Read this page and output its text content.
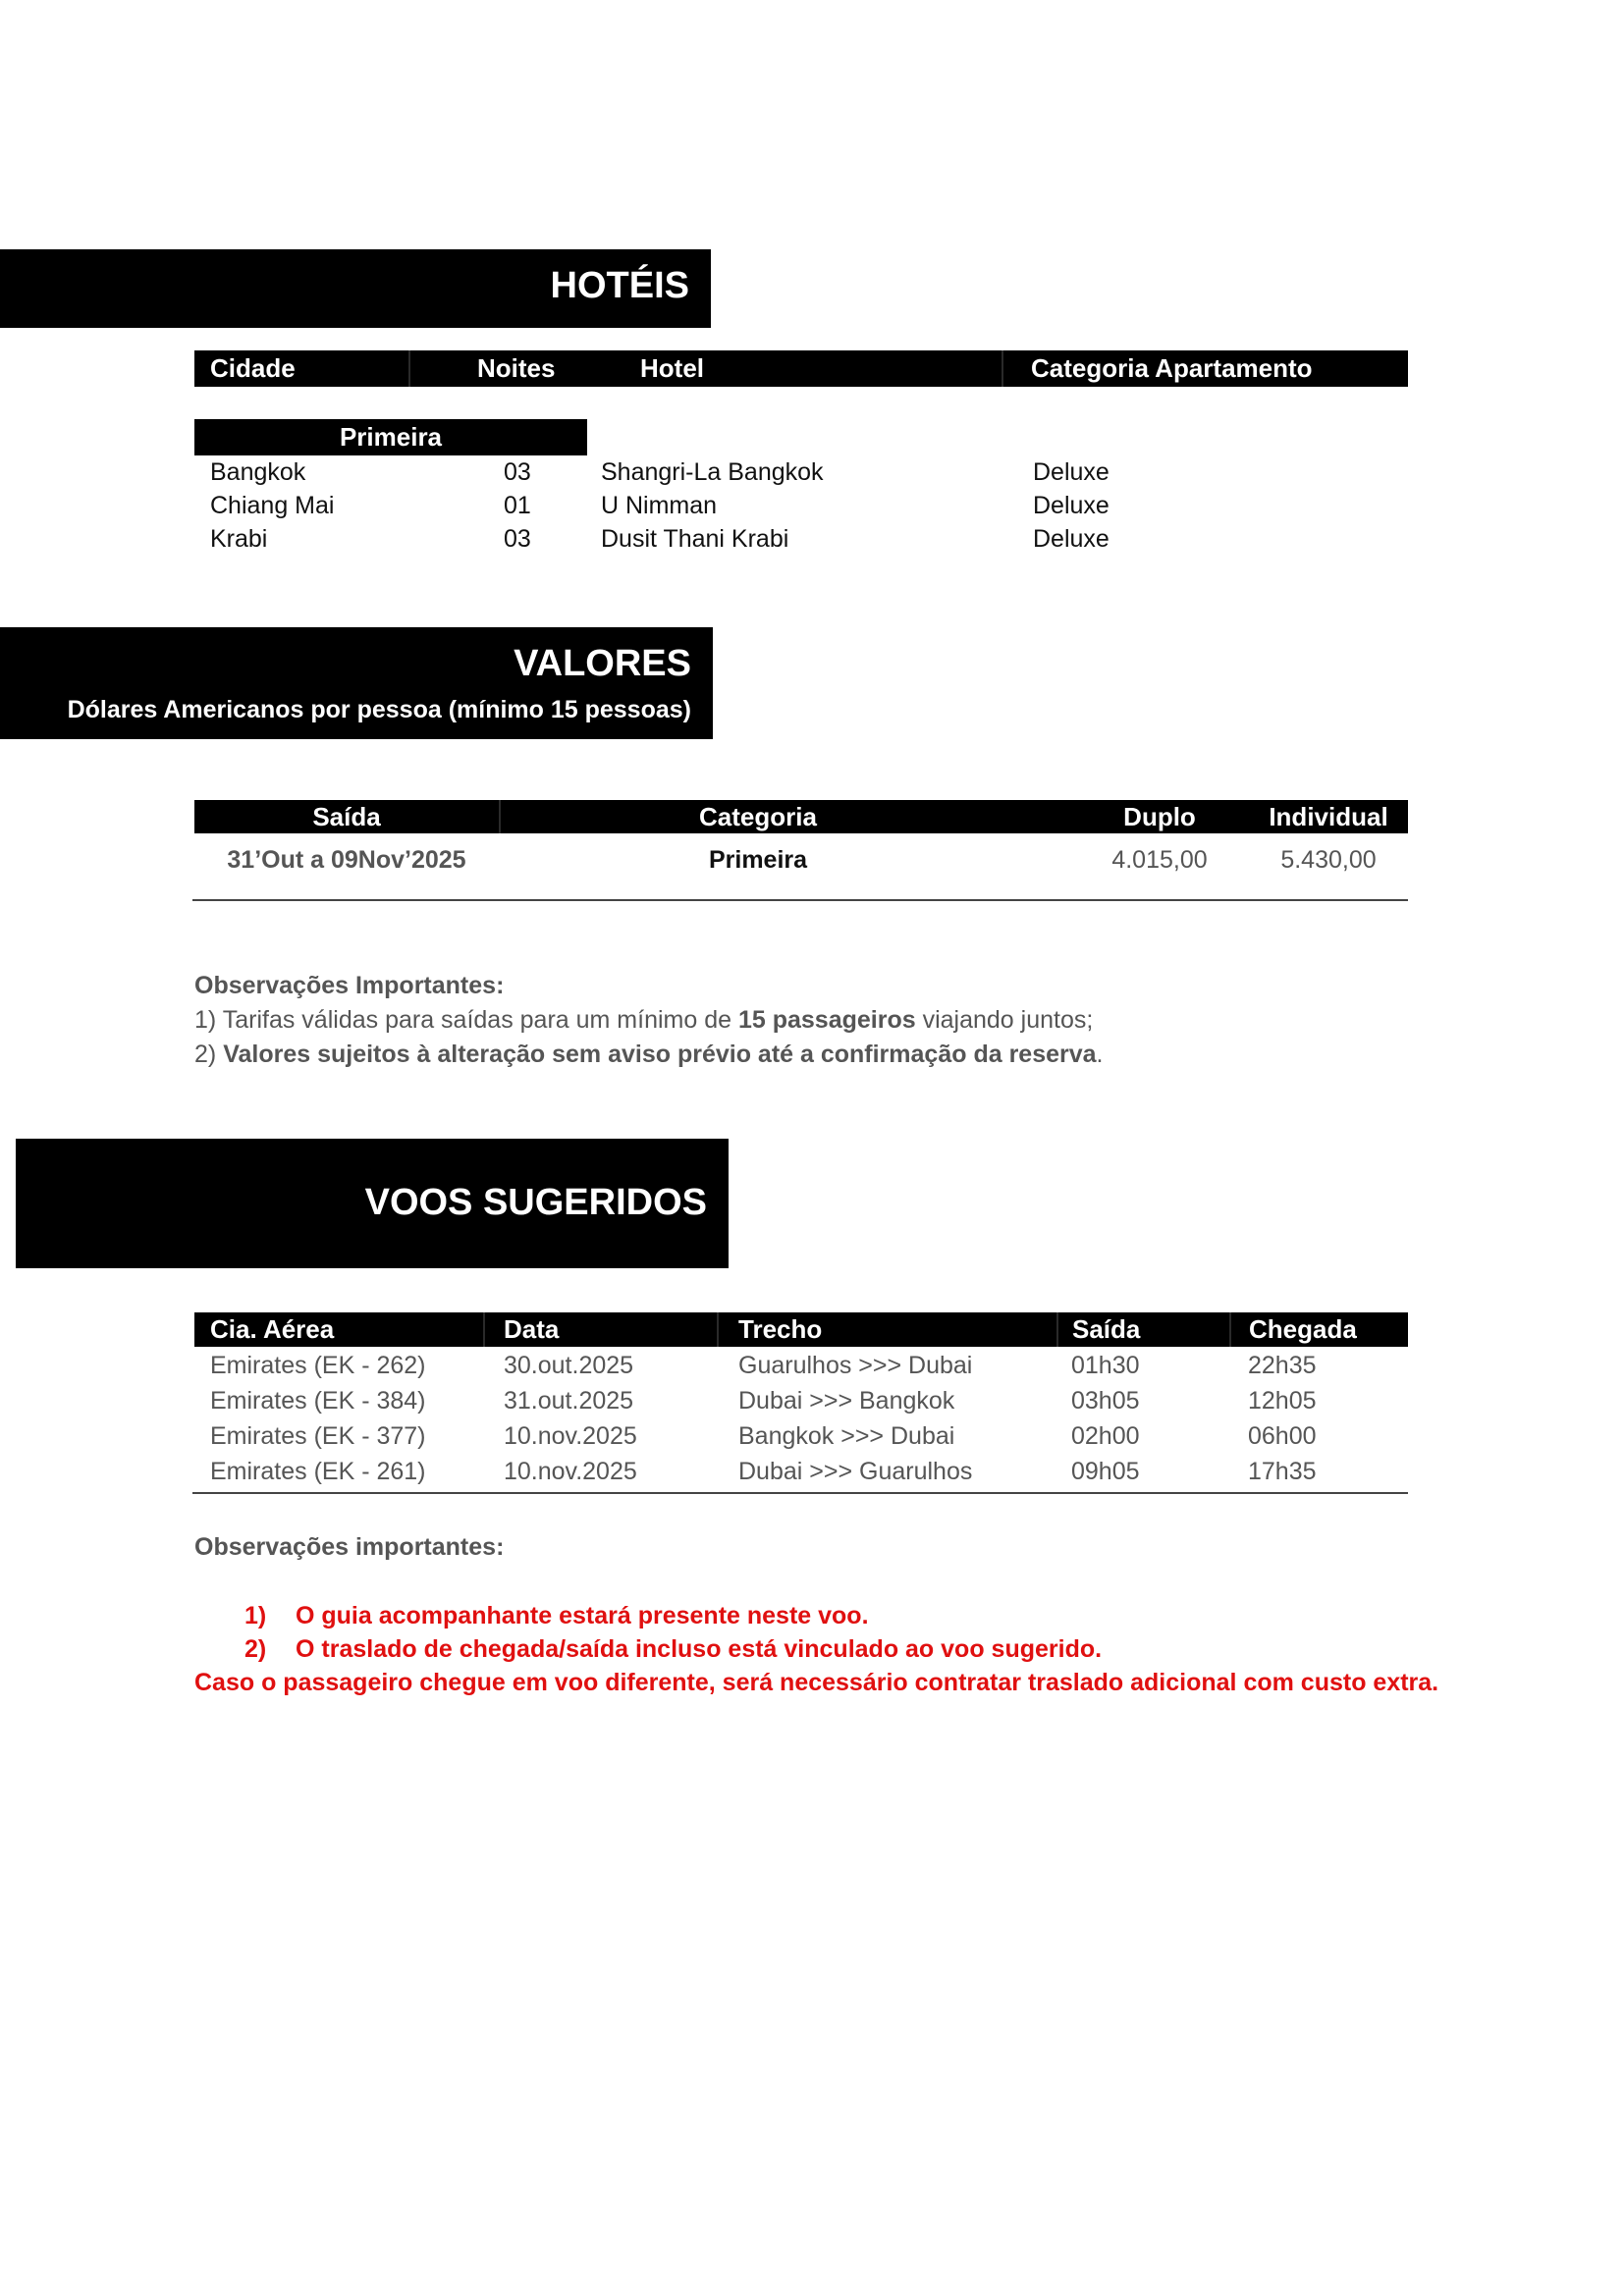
HOTÉIS
Cidade	Noites	Hotel	Categoria Apartamento
Primeira
Bangkok	03	Shangri-La Bangkok	Deluxe
Chiang Mai	01	U Nimman	Deluxe
Krabi	03	Dusit Thani Krabi	Deluxe
VALORES
Dólares Americanos por pessoa (mínimo 15 pessoas)
Saída	Categoria	Duplo	Individual
31’Out a 09Nov’2025	Primeira	4.015,00	5.430,00
Observações Importantes:
1) Tarifas válidas para saídas para um mínimo de 15 passageiros viajando juntos;
2) Valores sujeitos à alteração sem aviso prévio até a confirmação da reserva.
VOOS SUGERIDOS
Cia. Aérea	Data	Trecho	Saída	Chegada
Emirates (EK - 262)	30.out.2025	Guarulhos >>> Dubai	01h30	22h35
Emirates (EK - 384)	31.out.2025	Dubai >>> Bangkok	03h05	12h05
Emirates (EK - 377)	10.nov.2025	Bangkok >>> Dubai	02h00	06h00
Emirates (EK - 261)	10.nov.2025	Dubai >>> Guarulhos	09h05	17h35
Observações importantes:
1) O guia acompanhante estará presente neste voo.
2) O traslado de chegada/saída incluso está vinculado ao voo sugerido.
Caso o passageiro chegue em voo diferente, será necessário contratar traslado adicional com custo extra.
